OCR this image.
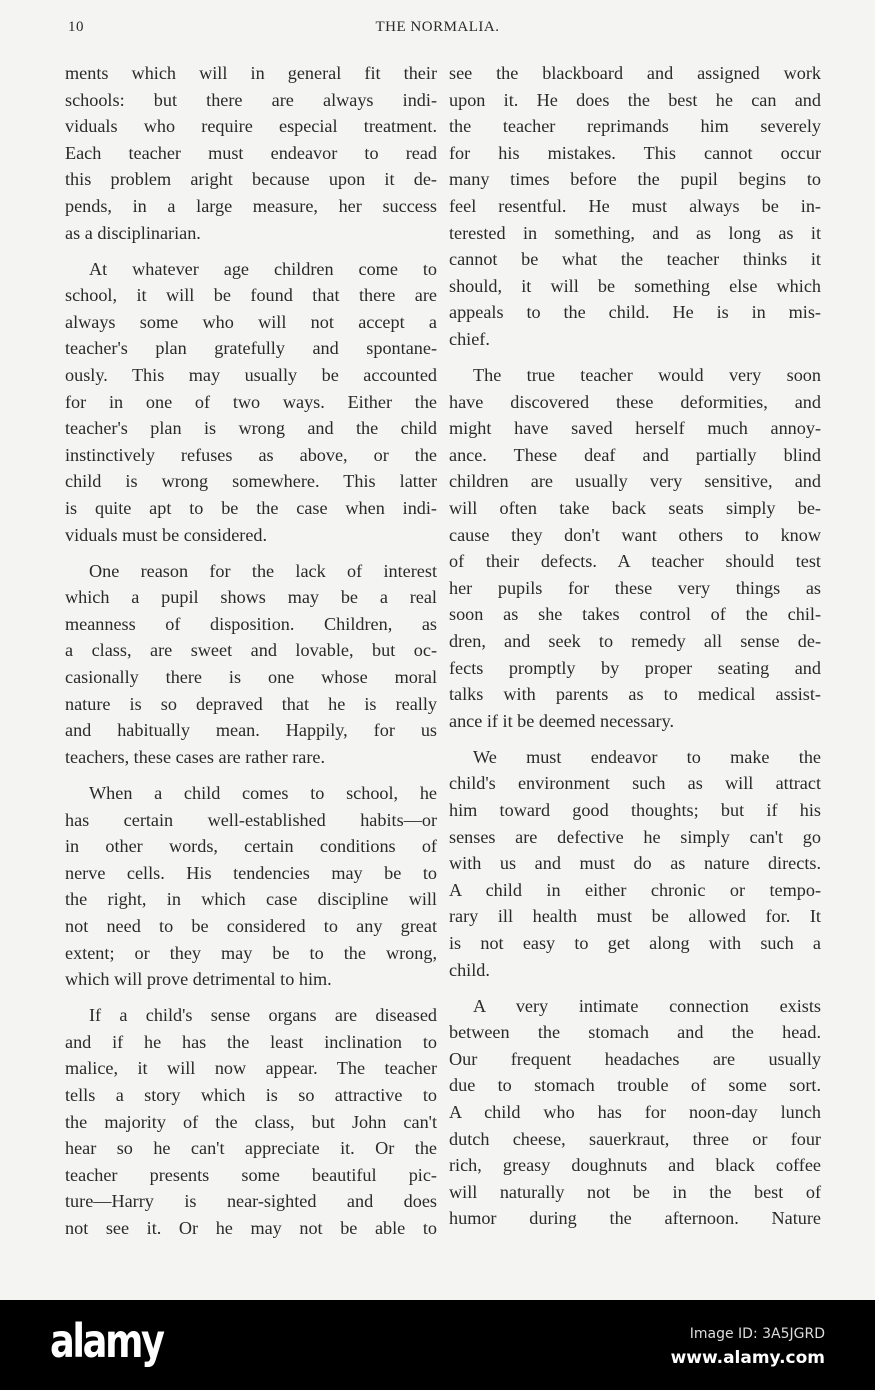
10	THE NORMALIA.
ments which will in general fit their
schools: but there are always indi-
viduals who require especial treatment.
Each teacher must endeavor to read
this problem aright because upon it de-
pends, in a large measure, her success
as a disciplinarian.
At whatever age children come to
school, it will be found that there are
always some who will not accept a
teacher's plan gratefully and spontane-
ously. This may usually be accounted
for in one of two ways. Either the
teacher's plan is wrong and the child
instinctively refuses as above, or the
child is wrong somewhere. This latter
is quite apt to be the case when indi-
viduals must be considered.
One reason for the lack of interest
which a pupil shows may be a real
meanness of disposition. Children, as
a class, are sweet and lovable, but oc-
casionally there is one whose moral
nature is so depraved that he is really
and habitually mean. Happily, for us
teachers, these cases are rather rare.
When a child comes to school, he
has certain well-established habits—or
in other words, certain conditions of
nerve cells. His tendencies may be to
the right, in which case discipline will
not need to be considered to any great
extent; or they may be to the wrong,
which will prove detrimental to him.
If a child's sense organs are diseased
and if he has the least inclination to
malice, it will now appear. The teacher
tells a story which is so attractive to
the majority of the class, but John can't
hear so he can't appreciate it. Or the
teacher presents some beautiful pic-
ture—Harry is near-sighted and does
not see it. Or he may not be able to
see the blackboard and assigned work
upon it. He does the best he can and
the teacher reprimands him severely
for his mistakes. This cannot occur
many times before the pupil begins to
feel resentful. He must always be in-
terested in something, and as long as it
cannot be what the teacher thinks it
should, it will be something else which
appeals to the child. He is in mis-
chief.
The true teacher would very soon
have discovered these deformities, and
might have saved herself much annoy-
ance. These deaf and partially blind
children are usually very sensitive, and
will often take back seats simply be-
cause they don't want others to know
of their defects. A teacher should test
her pupils for these very things as
soon as she takes control of the chil-
dren, and seek to remedy all sense de-
fects promptly by proper seating and
talks with parents as to medical assist-
ance if it be deemed necessary.
We must endeavor to make the
child's environment such as will attract
him toward good thoughts; but if his
senses are defective he simply can't go
with us and must do as nature directs.
A child in either chronic or tempo-
rary ill health must be allowed for. It
is not easy to get along with such a
child.
A very intimate connection exists
between the stomach and the head.
Our frequent headaches are usually
due to stomach trouble of some sort.
A child who has for noon-day lunch
dutch cheese, sauerkraut, three or four
rich, greasy doughnuts and black coffee
will naturally not be in the best of
humor during the afternoon. Nature
alamy	Image ID: 3A5JGRD
www.alamy.com
